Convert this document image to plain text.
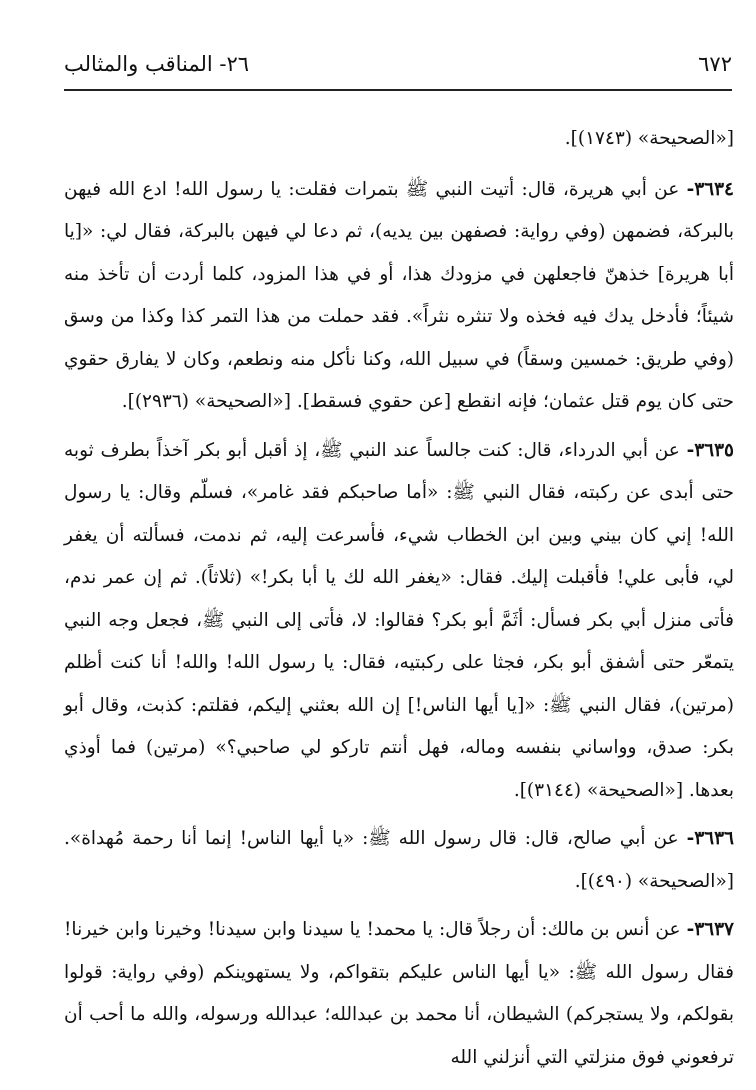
٦٧٢
٢٦- المناقب والمثالب

[«الصحيحة» (١٧٤٣)].

٣٦٣٤- عن أبي هريرة، قال: أتيت النبي ﷺ بتمرات فقلت: يا رسول الله! ادع الله فيهن بالبركة، فضمهن (وفي رواية: فصفهن بين يديه)، ثم دعا لي فيهن بالبركة، فقال لي: «[يا أبا هريرة] خذهنّ فاجعلهن في مزودك هذا، أو في هذا المزود، كلما أردت أن تأخذ منه شيئاً؛ فأدخل يدك فيه فخذه ولا تنثره نثراً». فقد حملت من هذا التمر كذا وكذا من وسق (وفي طريق: خمسين وسقاً) في سبيل الله، وكنا نأكل منه ونطعم، وكان لا يفارق حقوي حتى كان يوم قتل عثمان؛ فإنه انقطع [عن حقوي فسقط]. [«الصحيحة» (٢٩٣٦)].

٣٦٣٥- عن أبي الدرداء، قال: كنت جالساً عند النبي ﷺ، إذ أقبل أبو بكر آخذاً بطرف ثوبه حتى أبدى عن ركبته، فقال النبي ﷺ: «أما صاحبكم فقد غامر»، فسلّم وقال: يا رسول الله! إني كان بيني وبين ابن الخطاب شيء، فأسرعت إليه، ثم ندمت، فسألته أن يغفر لي، فأبى علي! فأقبلت إليك. فقال: «يغفر الله لك يا أبا بكر!» (ثلاثاً). ثم إن عمر ندم، فأتى منزل أبي بكر فسأل: أثَمَّ أبو بكر؟ فقالوا: لا، فأتى إلى النبي ﷺ، فجعل وجه النبي يتمعّر حتى أشفق أبو بكر، فجثا على ركبتيه، فقال: يا رسول الله! والله! أنا كنت أظلم (مرتين)، فقال النبي ﷺ: «[يا أيها الناس!] إن الله بعثني إليكم، فقلتم: كذبت، وقال أبو بكر: صدق، وواساني بنفسه وماله، فهل أنتم تاركو لي صاحبي؟» (مرتين) فما أوذي بعدها. [«الصحيحة» (٣١٤٤)].

٣٦٣٦- عن أبي صالح، قال: قال رسول الله ﷺ: «يا أيها الناس! إنما أنا رحمة مُهداة». [«الصحيحة» (٤٩٠)].

٣٦٣٧- عن أنس بن مالك: أن رجلاً قال: يا محمد! يا سيدنا وابن سيدنا! وخيرنا وابن خيرنا! فقال رسول الله ﷺ: «يا أيها الناس عليكم بتقواكم، ولا يستهوينكم (وفي رواية: قولوا بقولكم، ولا يستجركم) الشيطان، أنا محمد بن عبدالله؛ عبدالله ورسوله، والله ما أحب أن ترفعوني فوق منزلتي التي أنزلني الله
